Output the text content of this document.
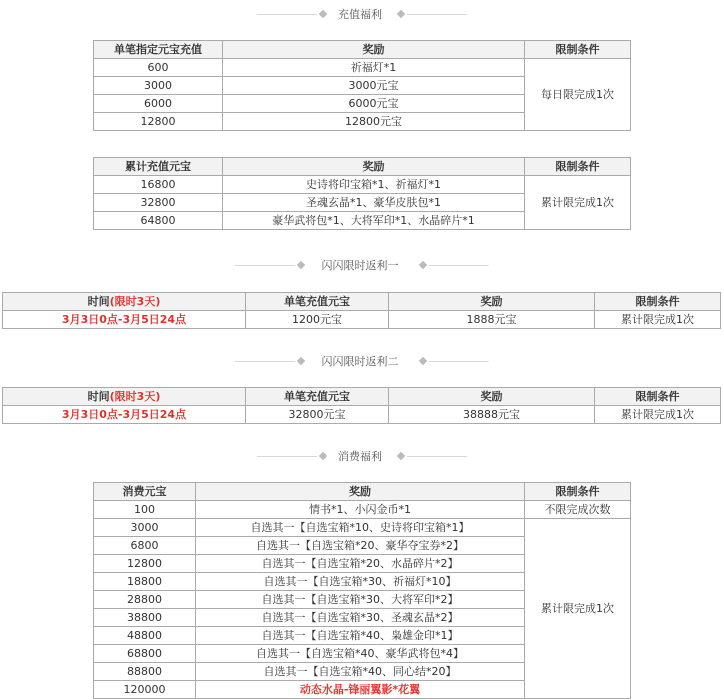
充值福利
单笔指定元宝充值	奖励	限制条件
600	祈福灯*1	每日限完成1次
3000	3000元宝	
6000	6000元宝	
12800	12800元宝	
累计充值元宝	奖励	限制条件
16800	史诗将印宝箱*1、祈福灯*1	累计限完成1次
32800	圣魂玄晶*1、豪华皮肤包*1	
64800	豪华武将包*1、大将军印*1、水晶碎片*1	
闪闪限时返利一
时间(限时3天)	单笔充值元宝	奖励	限制条件
3月3日0点-3月5日24点	1200元宝	1888元宝	累计限完成1次
闪闪限时返利二
时间(限时3天)	单笔充值元宝	奖励	限制条件
3月3日0点-3月5日24点	32800元宝	38888元宝	累计限完成1次
消费福利
消费元宝	奖励	限制条件
100	情书*1、小闪金币*1	不限完成次数
3000	自选其一【自选宝箱*10、史诗将印宝箱*1】	累计限完成1次
6800	自选其一【自选宝箱*20、豪华夺宝券*2】	
12800	自选其一【自选宝箱*20、水晶碎片*2】	
18800	自选其一【自选宝箱*30、祈福灯*10】	
28800	自选其一【自选宝箱*30、大将军印*2】	
38800	自选其一【自选宝箱*30、圣魂玄晶*2】	
48800	自选其一【自选宝箱*40、枭雄金印*1】	
68800	自选其一【自选宝箱*40、豪华武将包*4】	
88800	自选其一【自选宝箱*40、同心结*20】	
120000	动态水晶-锋丽翼影*花翼	
